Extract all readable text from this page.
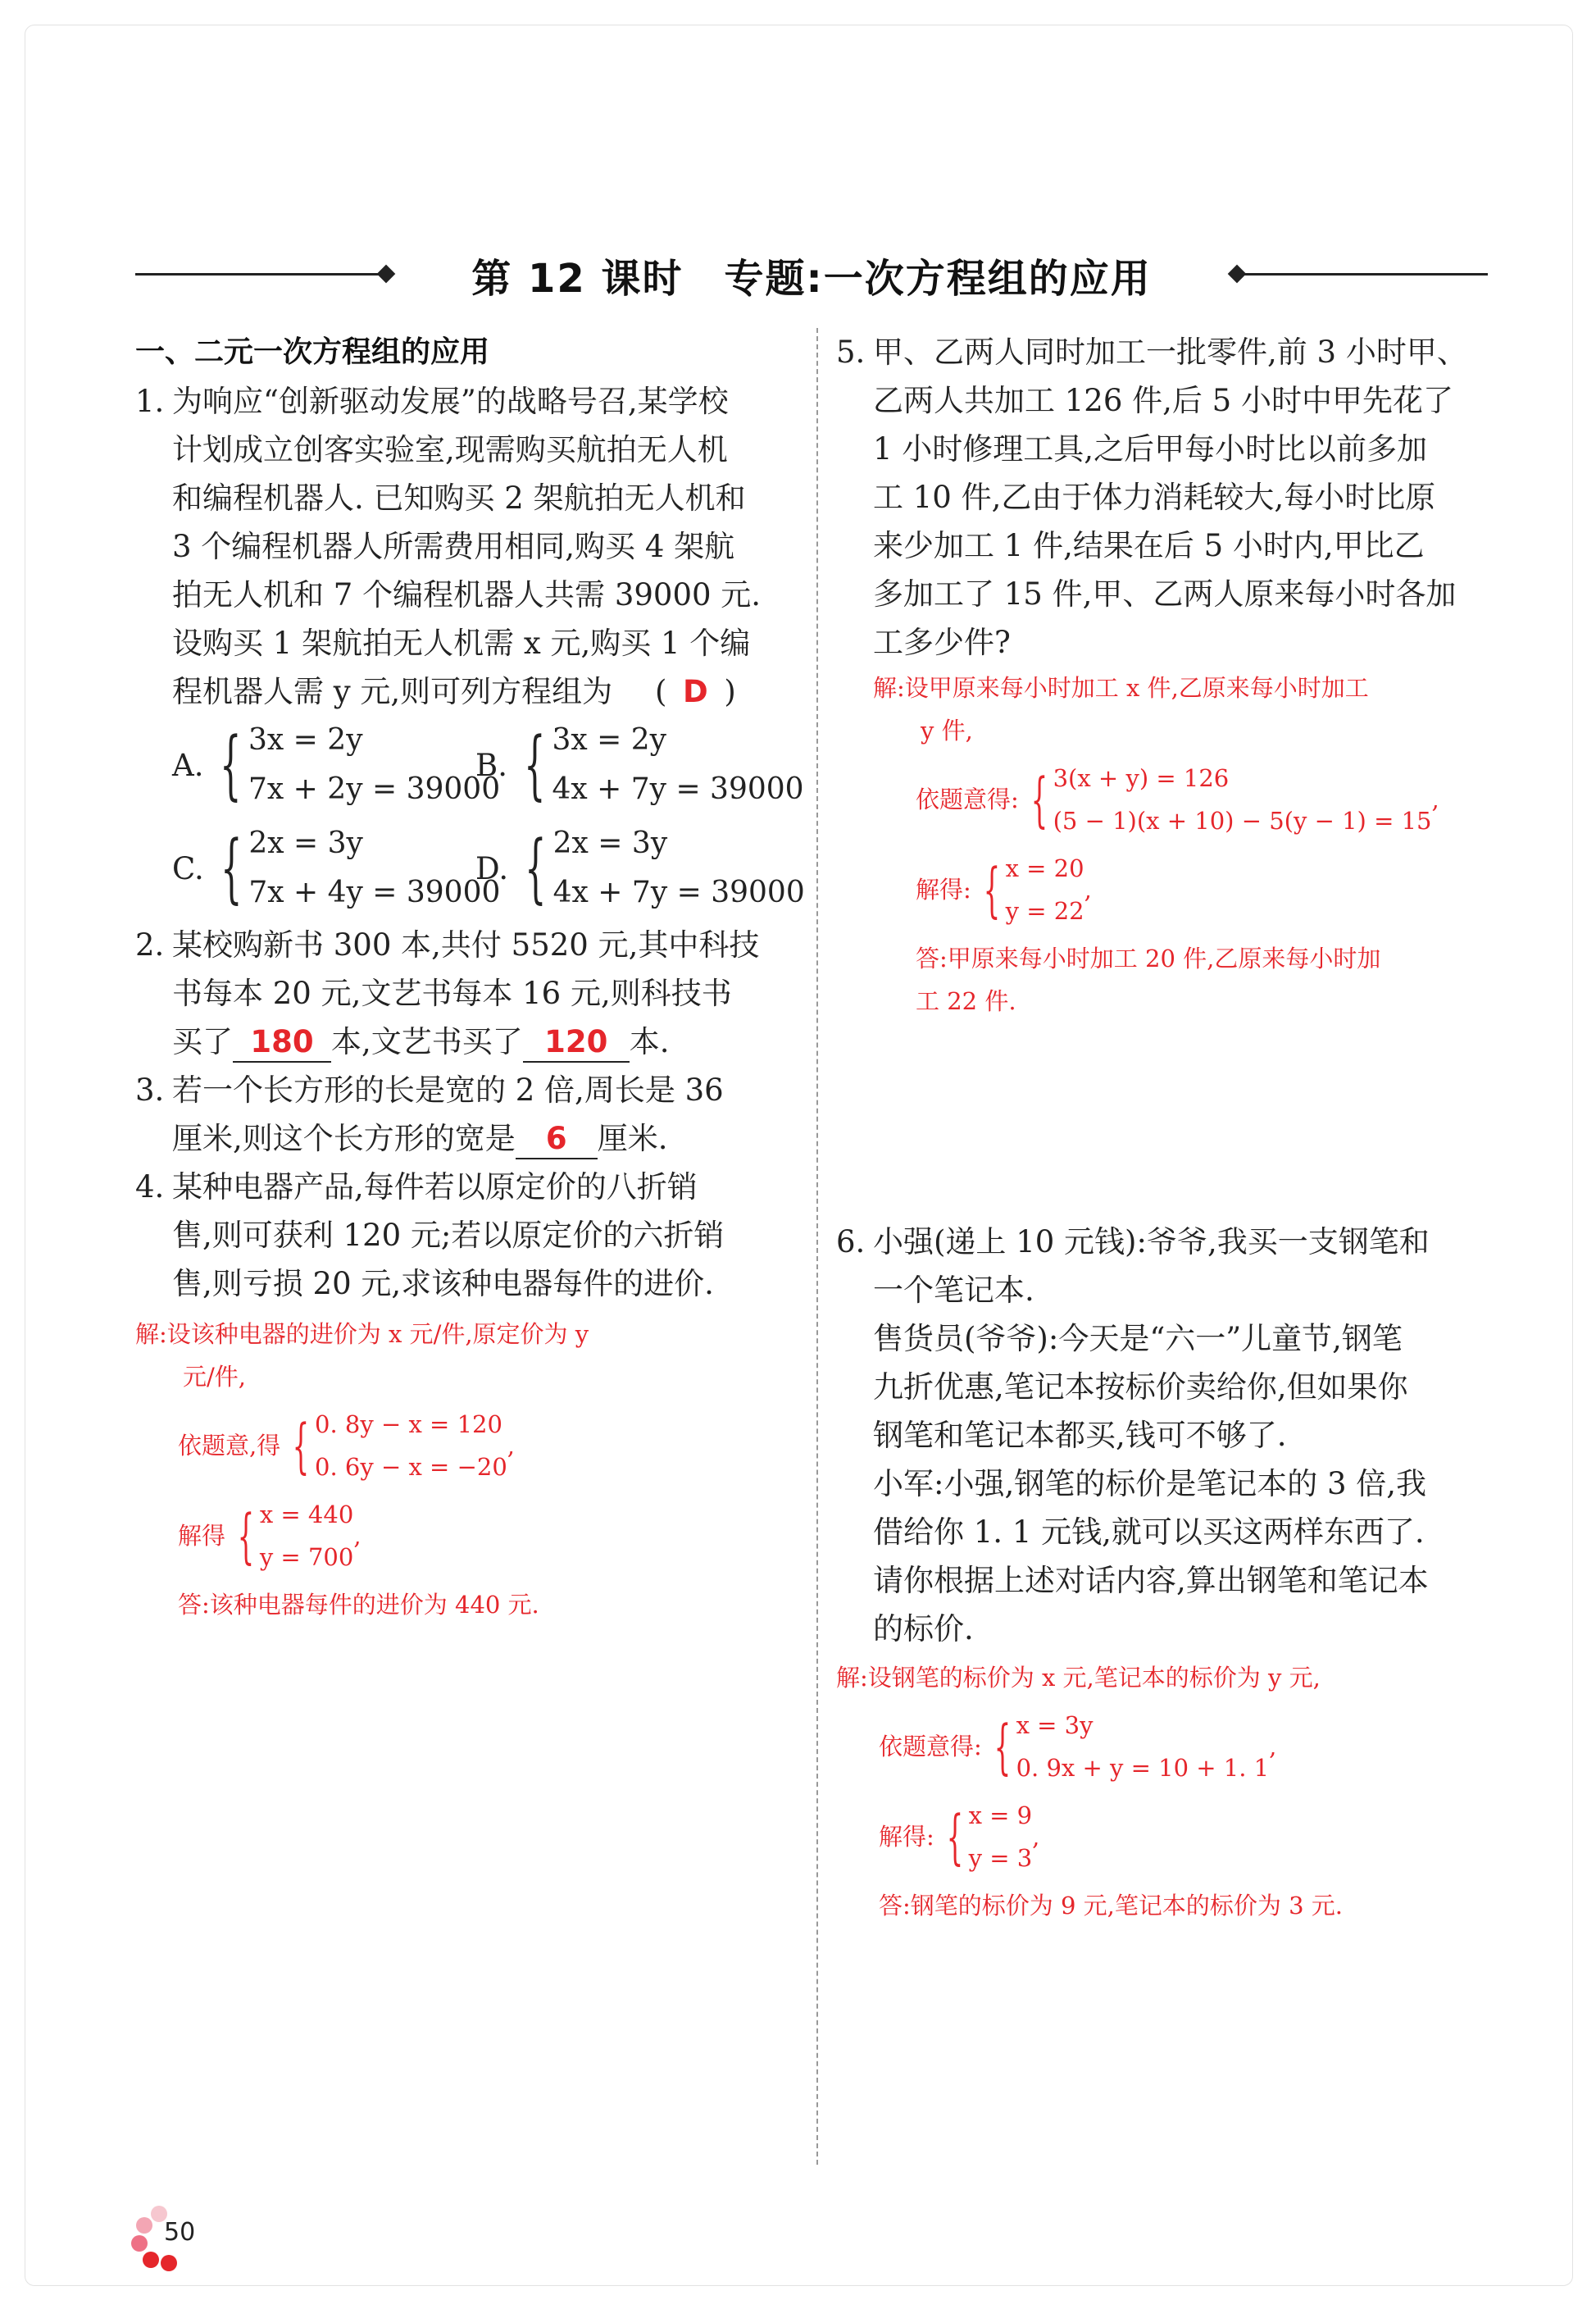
第 12 课时 专题:一次方程组的应用
一、二元一次方程组的应用
1. 为响应“创新驱动发展”的战略号召,某学校
计划成立创客实验室,现需购买航拍无人机
和编程机器人. 已知购买 2 架航拍无人机和
3 个编程机器人所需费用相同,购买 4 架航
拍无人机和 7 个编程机器人共需 39000 元.
设购买 1 架航拍无人机需 x 元,购买 1 个编
程机器人需 y 元,则可列方程组为 ( D )
A. { 3x = 2y
7x + 2y = 39000
B. { 3x = 2y
4x + 7y = 39000
C. { 2x = 3y
7x + 4y = 39000
D. { 2x = 3y
4x + 7y = 39000
2. 某校购新书 300 本,共付 5520 元,其中科技
书每本 20 元,文艺书每本 16 元,则科技书
买了 180 本,文艺书买了 120 本.
3. 若一个长方形的长是宽的 2 倍,周长是 36
厘米,则这个长方形的宽是 6 厘米.
4. 某种电器产品,每件若以原定价的八折销
售,则可获利 120 元;若以原定价的六折销
售,则亏损 20 元,求该种电器每件的进价.
解:设该种电器的进价为 x 元/件,原定价为 y
元/件,
依题意,得 { 0. 8y − x = 120
0. 6y − x = −20
,
解得 { x = 440
y = 700
,
答:该种电器每件的进价为 440 元.
5. 甲、乙两人同时加工一批零件,前 3 小时甲、
乙两人共加工 126 件,后 5 小时中甲先花了
1 小时修理工具,之后甲每小时比以前多加
工 10 件,乙由于体力消耗较大,每小时比原
来少加工 1 件,结果在后 5 小时内,甲比乙
多加工了 15 件,甲、乙两人原来每小时各加
工多少件?
解:设甲原来每小时加工 x 件,乙原来每小时加工
y 件,
依题意得: { 3(x + y) = 126
(5 − 1)(x + 10) − 5(y − 1) = 15
,
解得: { x = 20
y = 22
,
答:甲原来每小时加工 20 件,乙原来每小时加
工 22 件.
6. 小强(递上 10 元钱):爷爷,我买一支钢笔和
一个笔记本.
售货员(爷爷):今天是“六一”儿童节,钢笔
九折优惠,笔记本按标价卖给你,但如果你
钢笔和笔记本都买,钱可不够了.
小军:小强,钢笔的标价是笔记本的 3 倍,我
借给你 1. 1 元钱,就可以买这两样东西了.
请你根据上述对话内容,算出钢笔和笔记本
的标价.
解:设钢笔的标价为 x 元,笔记本的标价为 y 元,
依题意得: { x = 3y
0. 9x + y = 10 + 1. 1
,
解得: { x = 9
y = 3
,
答:钢笔的标价为 9 元,笔记本的标价为 3 元.
50
